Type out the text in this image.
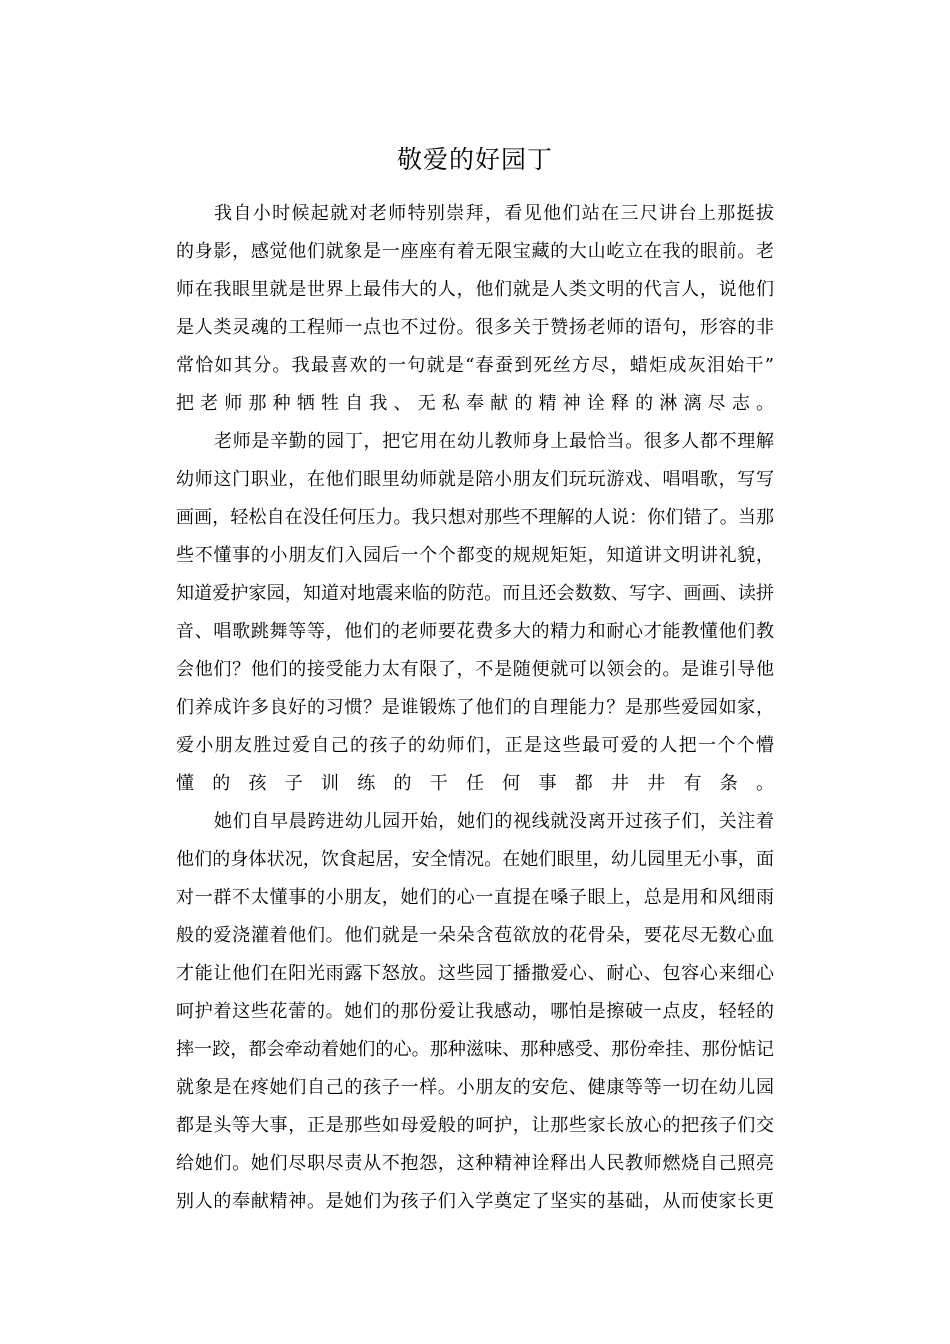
敬爱的好园丁
我自小时候起就对老师特别崇拜，看见他们站在三尺讲台上那挺拔
的身影，感觉他们就象是一座座有着无限宝藏的大山屹立在我的眼前。老
师在我眼里就是世界上最伟大的人，他们就是人类文明的代言人，说他们
是人类灵魂的工程师一点也不过份。很多关于赞扬老师的语句，形容的非
常恰如其分。我最喜欢的一句就是“春蚕到死丝方尽，蜡炬成灰泪始干”
把老师那种牺牲自我、无私奉献的精神诠释的淋漓尽志。
老师是辛勤的园丁，把它用在幼儿教师身上最恰当。很多人都不理解
幼师这门职业，在他们眼里幼师就是陪小朋友们玩玩游戏、唱唱歌，写写
画画，轻松自在没任何压力。我只想对那些不理解的人说：你们错了。当那
些不懂事的小朋友们入园后一个个都变的规规矩矩，知道讲文明讲礼貌，
知道爱护家园，知道对地震来临的防范。而且还会数数、写字、画画、读拼
音、唱歌跳舞等等，他们的老师要花费多大的精力和耐心才能教懂他们教
会他们？他们的接受能力太有限了，不是随便就可以领会的。是谁引导他
们养成许多良好的习惯？是谁锻炼了他们的自理能力？是那些爱园如家，
爱小朋友胜过爱自己的孩子的幼师们，正是这些最可爱的人把一个个懵
懂的孩子训练的干任何事都井井有条。
她们自早晨跨进幼儿园开始，她们的视线就没离开过孩子们，关注着
他们的身体状况，饮食起居，安全情况。在她们眼里，幼儿园里无小事，面
对一群不太懂事的小朋友，她们的心一直提在嗓子眼上，总是用和风细雨
般的爱浇灌着他们。他们就是一朵朵含苞欲放的花骨朵，要花尽无数心血
才能让他们在阳光雨露下怒放。这些园丁播撒爱心、耐心、包容心来细心
呵护着这些花蕾的。她们的那份爱让我感动，哪怕是擦破一点皮，轻轻的
摔一跤，都会牵动着她们的心。那种滋味、那种感受、那份牵挂、那份惦记
就象是在疼她们自己的孩子一样。小朋友的安危、健康等等一切在幼儿园
都是头等大事，正是那些如母爱般的呵护，让那些家长放心的把孩子们交
给她们。她们尽职尽责从不抱怨，这种精神诠释出人民教师燃烧自己照亮
别人的奉献精神。是她们为孩子们入学奠定了坚实的基础，从而使家长更
